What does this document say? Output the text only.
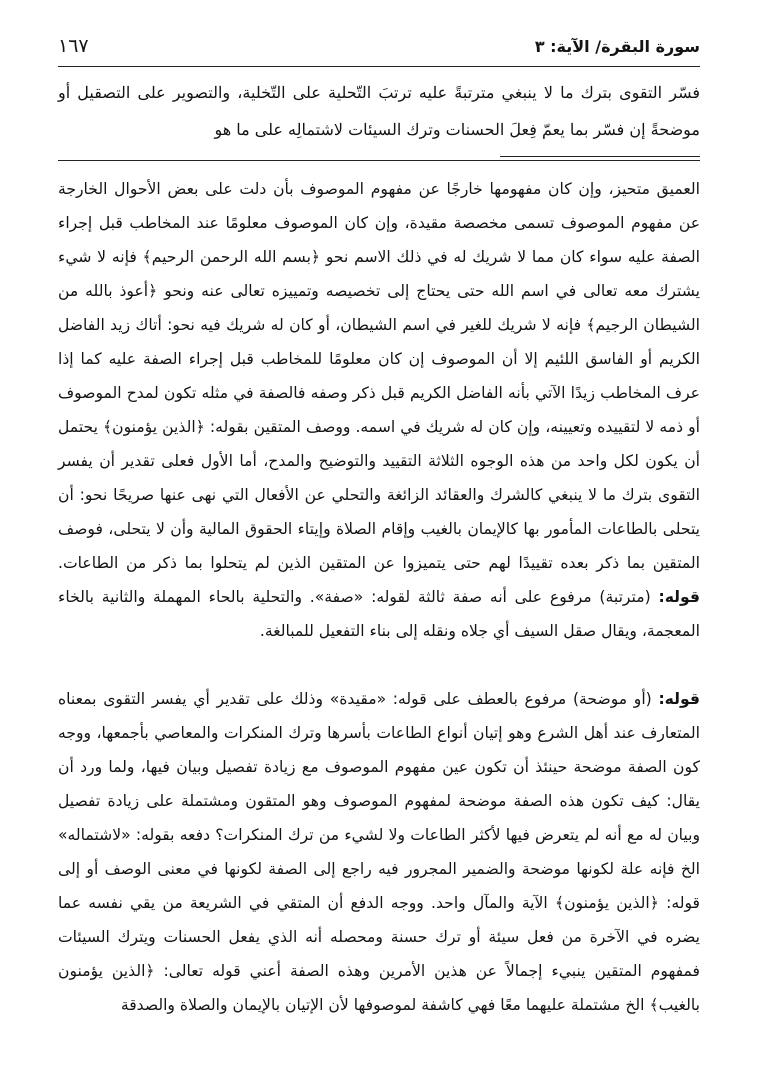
سورة البقرة/ الآية: ٣
١٦٧

فسّر التقوى بترك ما لا ينبغي مترتبةً عليه ترتبَ التّحلية على التّخلية، والتصوير على التصقيل أو موضحةً إن فسّر بما يعمّ فِعلَ الحسنات وترك السيئات لاشتمالِه على ما هو

العميق متحيز، وإن كان مفهومها خارجًا عن مفهوم الموصوف بأن دلت على بعض الأحوال الخارجة عن مفهوم الموصوف تسمى مخصصة مقيدة، وإن كان الموصوف معلومًا عند المخاطب قبل إجراء الصفة عليه سواء كان مما لا شريك له في ذلك الاسم نحو ﴿بسم الله الرحمن الرحيم﴾ فإنه لا شيء يشترك معه تعالى في اسم الله حتى يحتاج إلى تخصيصه وتمييزه تعالى عنه ونحو ﴿أعوذ بالله من الشيطان الرجيم﴾ فإنه لا شريك للغير في اسم الشيطان، أو كان له شريك فيه نحو: أتاك زيد الفاضل الكريم أو الفاسق اللئيم إلا أن الموصوف إن كان معلومًا للمخاطب قبل إجراء الصفة عليه كما إذا عرف المخاطب زيدًا الآتي بأنه الفاضل الكريم قبل ذكر وصفه فالصفة في مثله تكون لمدح الموصوف أو ذمه لا لتقييده وتعيينه، وإن كان له شريك في اسمه. ووصف المتقين بقوله: ﴿الذين يؤمنون﴾ يحتمل أن يكون لكل واحد من هذه الوجوه الثلاثة التقييد والتوضيح والمدح، أما الأول فعلى تقدير أن يفسر التقوى بترك ما لا ينبغي كالشرك والعقائد الزائغة والتحلي عن الأفعال التي نهى عنها صريحًا نحو: أن يتحلى بالطاعات المأمور بها كالإيمان بالغيب وإقام الصلاة وإيتاء الحقوق المالية وأن لا يتحلى، فوصف المتقين بما ذكر بعده تقييدًا لهم حتى يتميزوا عن المتقين الذين لم يتحلوا بما ذكر من الطاعات. قوله: (مترتبة) مرفوع على أنه صفة ثالثة لقوله: «صفة». والتحلية بالحاء المهملة والثانية بالخاء المعجمة، ويقال صقل السيف أي جلاه ونقله إلى بناء التفعيل للمبالغة.

قوله: (أو موضحة) مرفوع بالعطف على قوله: «مقيدة» وذلك على تقدير أي يفسر التقوى بمعناه المتعارف عند أهل الشرع وهو إتيان أنواع الطاعات بأسرها وترك المنكرات والمعاصي بأجمعها، ووجه كون الصفة موضحة حينئذ أن تكون عين مفهوم الموصوف مع زيادة تفصيل وبيان فيها، ولما ورد أن يقال: كيف تكون هذه الصفة موضحة لمفهوم الموصوف وهو المتقون ومشتملة على زيادة تفصيل وبيان له مع أنه لم يتعرض فيها لأكثر الطاعات ولا لشيء من ترك المنكرات؟ دفعه بقوله: «لاشتماله» الخ فإنه علة لكونها موضحة والضمير المجرور فيه راجع إلى الصفة لكونها في معنى الوصف أو إلى قوله: ﴿الذين يؤمنون﴾ الآية والمآل واحد. ووجه الدفع أن المتقي في الشريعة من يقي نفسه عما يضره في الآخرة من فعل سيئة أو ترك حسنة ومحصله أنه الذي يفعل الحسنات ويترك السيئات فمفهوم المتقين ينبيء إجمالاً عن هذين الأمرين وهذه الصفة أعني قوله تعالى: ﴿الذين يؤمنون بالغيب﴾ الخ مشتملة عليهما معًا فهي كاشفة لموصوفها لأن الإتيان بالإيمان والصلاة والصدقة
